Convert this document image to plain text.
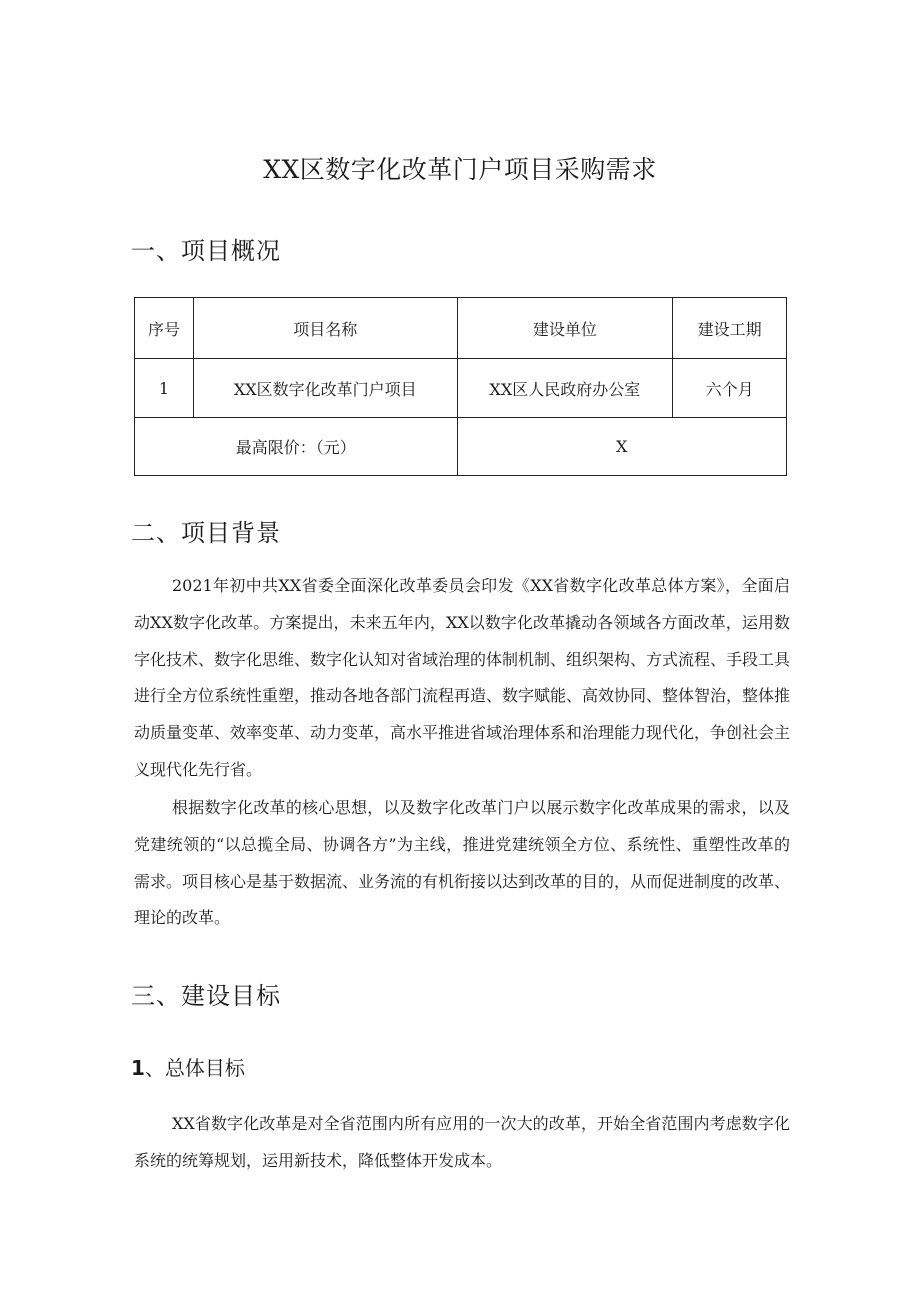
XX区数字化改革门户项目采购需求
一、项目概况
序号	项目名称	建设单位	建设工期
1	XX区数字化改革门户项目	XX区人民政府办公室	六个月
最高限价：（元）		X	
二、项目背景

2021年初中共XX省委全面深化改革委员会印发《XX省数字化改革总体方案》，全面启动XX数字化改革。方案提出，未来五年内，XX以数字化改革撬动各领域各方面改革，运用数字化技术、数字化思维、数字化认知对省域治理的体制机制、组织架构、方式流程、手段工具进行全方位系统性重塑，推动各地各部门流程再造、数字赋能、高效协同、整体智治，整体推动质量变革、效率变革、动力变革，高水平推进省域治理体系和治理能力现代化，争创社会主义现代化先行省。

根据数字化改革的核心思想，以及数字化改革门户以展示数字化改革成果的需求，以及党建统领的“以总揽全局、协调各方”为主线，推进党建统领全方位、系统性、重塑性改革的需求。项目核心是基于数据流、业务流的有机衔接以达到改革的目的，从而促进制度的改革、理论的改革。

三、建设目标
1、总体目标

XX省数字化改革是对全省范围内所有应用的一次大的改革，开始全省范围内考虑数字化系统的统筹规划，运用新技术，降低整体开发成本。
